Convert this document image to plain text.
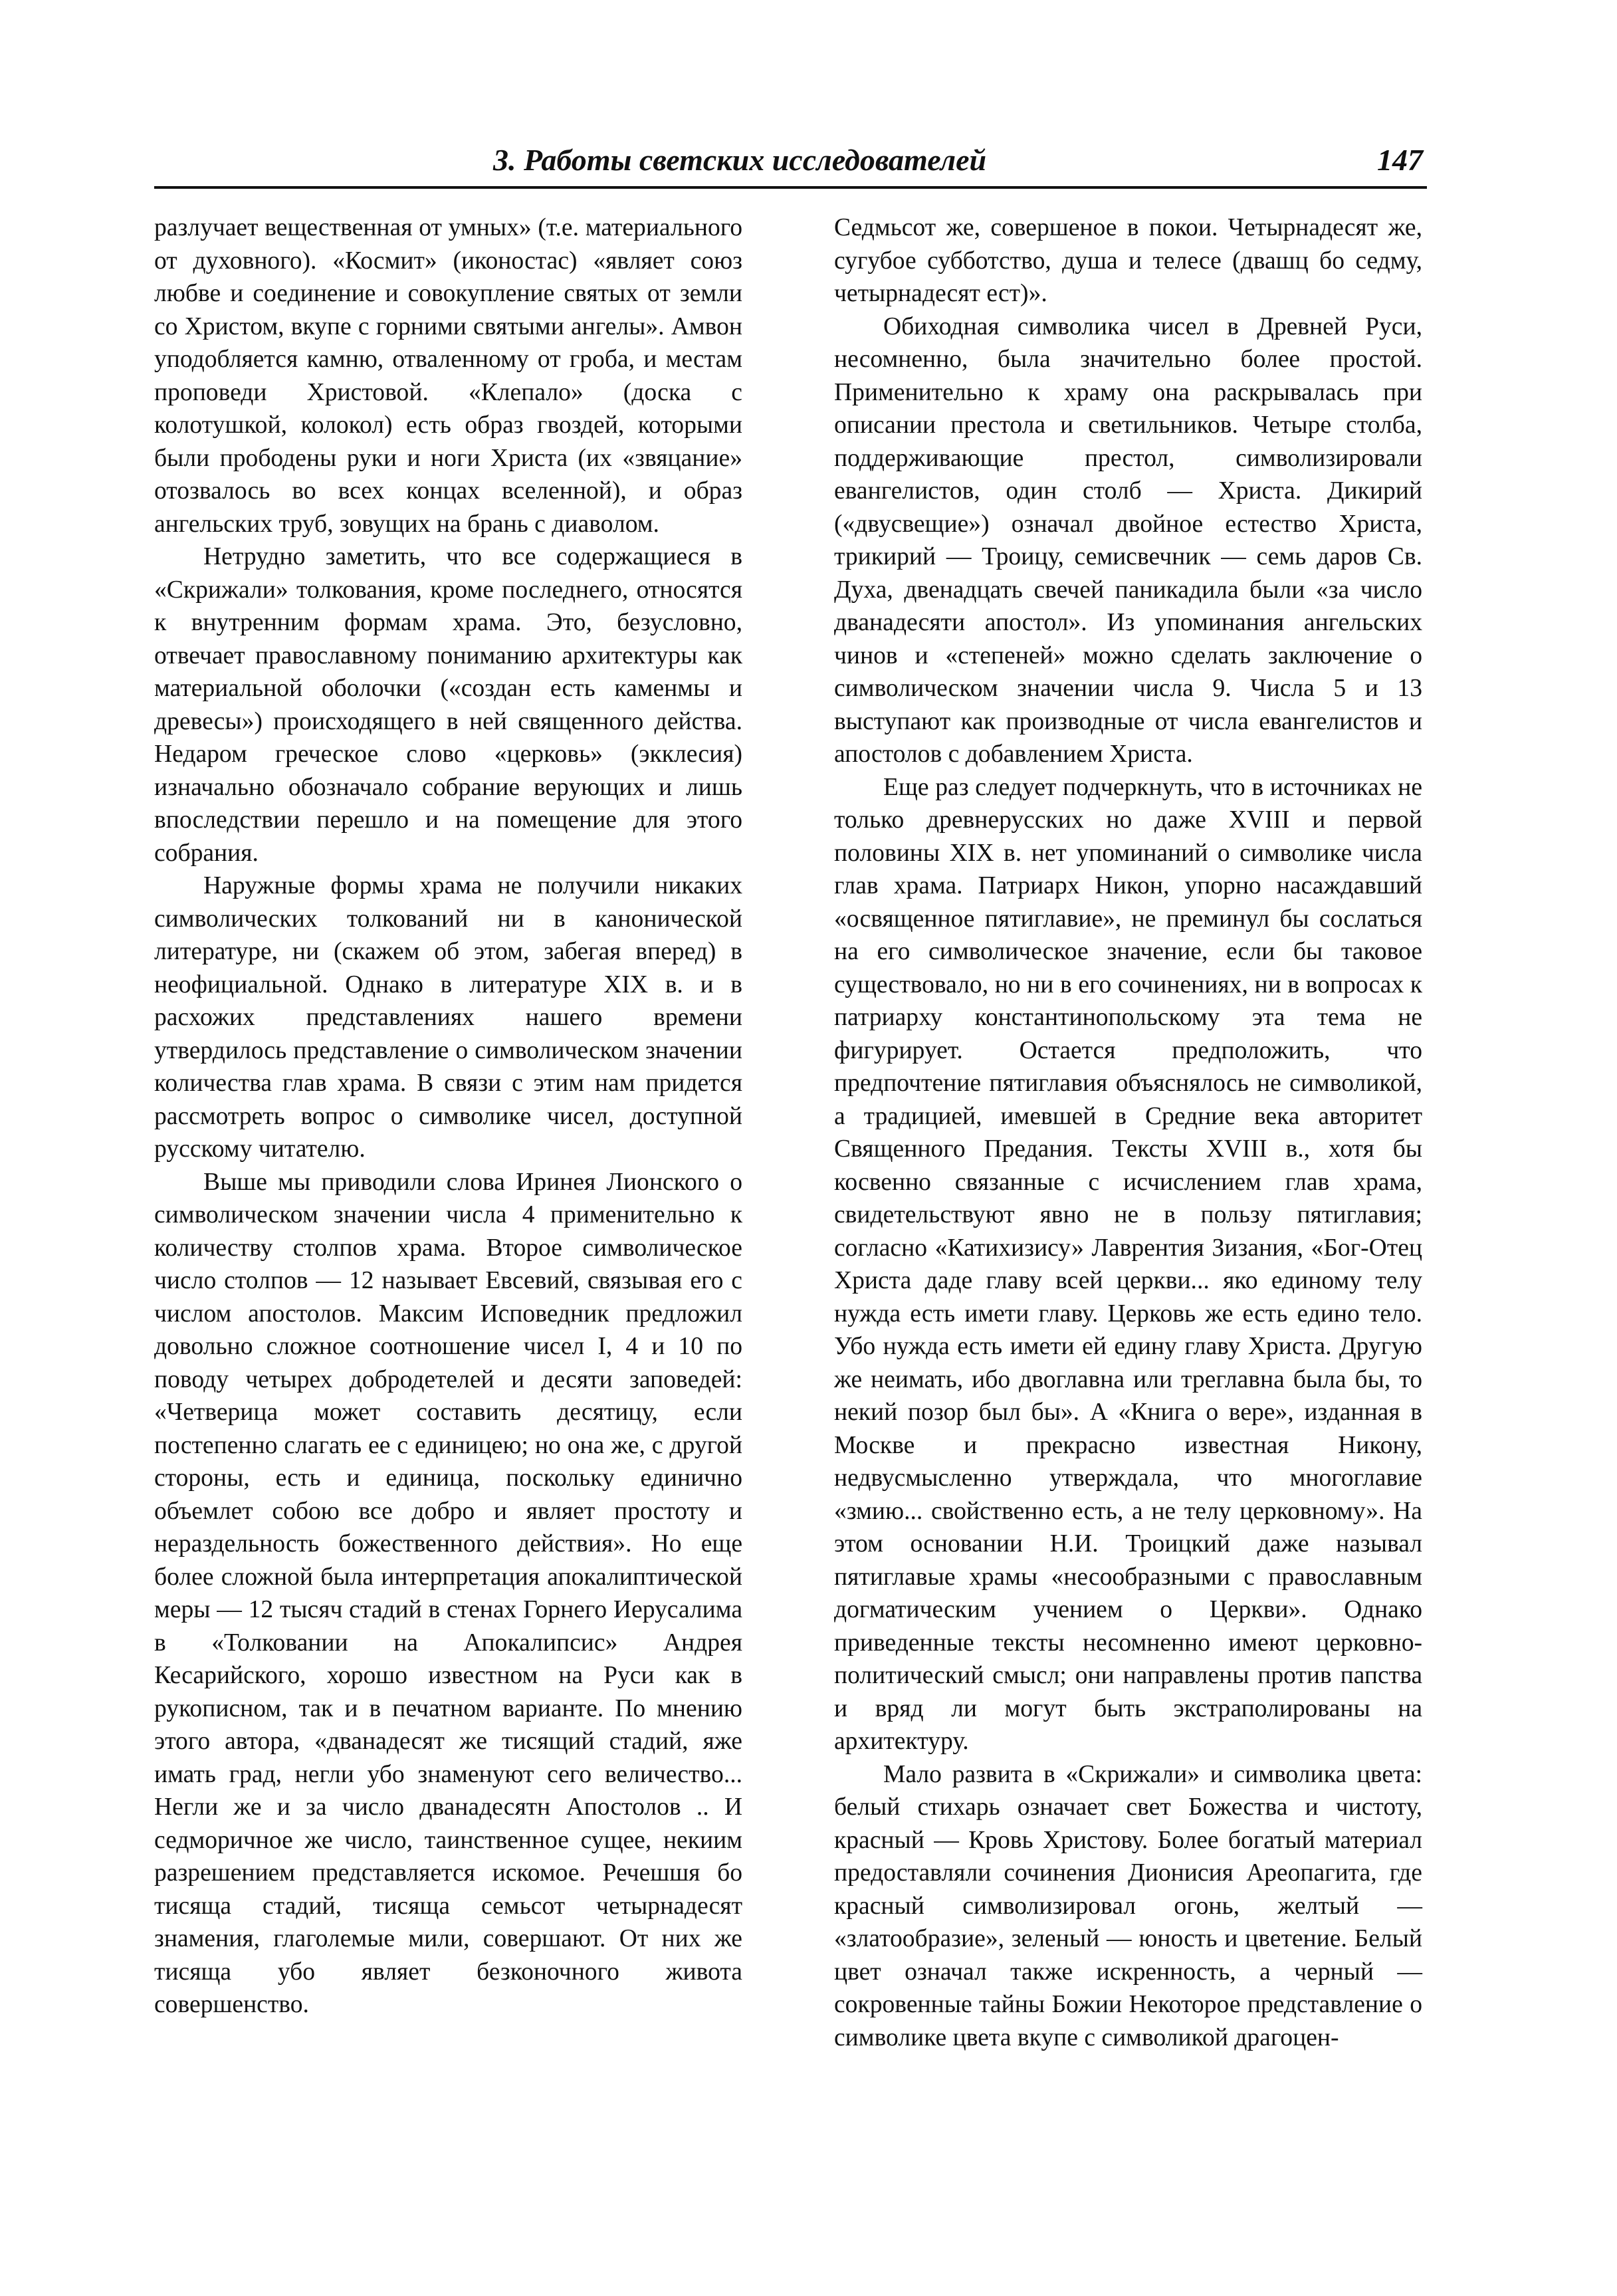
3. Работы светских исследователей	147

разлучает вещественная от умных» (т.е. материального от духовного). «Космит» (иконостас) «являет союз любве и соединение и совокупление святых от земли со Христом, вкупе с горними святыми ангелы». Амвон уподобляется камню, отваленному от гроба, и местам проповеди Христовой. «Клепало» (доска с колотушкой, колокол) есть образ гвоздей, которыми были прободены руки и ноги Христа (их «звяцание» отозвалось во всех концах вселенной), и образ ангельских труб, зовущих на брань с диаволом.

Нетрудно заметить, что все содержащиеся в «Скрижали» толкования, кроме последнего, относятся к внутренним формам храма. Это, безусловно, отвечает православному пониманию архитектуры как материальной оболочки («создан есть каменмы и древесы») происходящего в ней священного действа. Недаром греческое слово «церковь» (экклесия) изначально обозначало собрание верующих и лишь впоследствии перешло и на помещение для этого собрания.

Наружные формы храма не получили никаких символических толкований ни в канонической литературе, ни (скажем об этом, забегая вперед) в неофициальной. Однако в литературе XIX в. и в расхожих представлениях нашего времени утвердилось представление о символическом значении количества глав храма. В связи с этим нам придется рассмотреть вопрос о символике чисел, доступной русскому читателю.

Выше мы приводили слова Иринея Лионского о символическом значении числа 4 применительно к количеству столпов храма. Второе символическое число столпов — 12 называет Евсевий, связывая его с числом апостолов. Максим Исповедник предложил довольно сложное соотношение чисел I, 4 и 10 по поводу четырех добродетелей и десяти заповедей: «Четверица может составить десятицу, если постепенно слагать ее с единицею; но она же, с другой стороны, есть и единица, поскольку единично объемлет собою все добро и являет простоту и нераздельность божественного действия». Но еще более сложной была интерпретация апокалиптической меры — 12 тысяч стадий в стенах Горнего Иерусалима в «Толковании на Апокалипсис» Андрея Кесарийского, хорошо известном на Руси как в рукописном, так и в печатном варианте. По мнению этого автора, «дванадесят же тисящий стадий, яже имать град, негли убо знаменуют сего величество... Негли же и за число дванадесятн Апостолов .. И седморичное же число, таинственное сущее, некиим разрешением представляется искомое. Речешшя бо тисяща стадий, тисяща семьсот четырнадесят знамения, глаголемые мили, совершают. От них же тисяща убо являет безконочного живота совершенство.

Седмьсот же, совершеное в покои. Четырнадесят же, сугубое субботство, душа и телесе (двашц бо седму, четырнадесят ест)».

Обиходная символика чисел в Древней Руси, несомненно, была значительно более простой. Применительно к храму она раскрывалась при описании престола и светильников. Четыре столба, поддерживающие престол, символизировали евангелистов, один столб — Христа. Дикирий («двусвещие») означал двойное естество Христа, трикирий — Троицу, семисвечник — семь даров Св. Духа, двенадцать свечей паникадила были «за число дванадесяти апостол». Из упоминания ангельских чинов и «степеней» можно сделать заключение о символическом значении числа 9. Числа 5 и 13 выступают как производные от числа евангелистов и апостолов с добавлением Христа.

Еще раз следует подчеркнуть, что в источниках не только древнерусских но даже XVIII и первой половины XIX в. нет упоминаний о символике числа глав храма. Патриарх Никон, упорно насаждавший «освященное пятиглавие», не преминул бы сослаться на его символическое значение, если бы таковое существовало, но ни в его сочинениях, ни в вопросах к патриарху константинопольскому эта тема не фигурирует. Остается предположить, что предпочтение пятиглавия объяснялось не символикой, а традицией, имевшей в Средние века авторитет Священного Предания. Тексты XVIII в., хотя бы косвенно связанные с исчислением глав храма, свидетельствуют явно не в пользу пятиглавия; согласно «Катихизису» Лаврентия Зизания, «Бог-Отец Христа даде главу всей церкви... яко единому телу нужда есть имети главу. Церковь же есть едино тело. Убо нужда есть имети ей едину главу Христа. Другую же неимать, ибо двоглавна или треглавна была бы, то некий позор был бы». А «Книга о вере», изданная в Москве и прекрасно известная Никону, недвусмысленно утверждала, что многоглавие «змию... свойственно есть, а не телу церковному». На этом основании Н.И. Троицкий даже называл пятиглавые храмы «несообразными с православным догматическим учением о Церкви». Однако приведенные тексты несомненно имеют церковно-политический смысл; они направлены против папства и вряд ли могут быть экстраполированы на архитектуру.

Мало развита в «Скрижали» и символика цвета: белый стихарь означает свет Божества и чистоту, красный — Кровь Христову. Более богатый материал предоставляли сочинения Дионисия Ареопагита, где красный символизировал огонь, желтый — «златообразие», зеленый — юность и цветение. Белый цвет означал также искренность, а черный — сокровенные тайны Божии Некоторое представление о символике цвета вкупе с символикой драгоцен-
